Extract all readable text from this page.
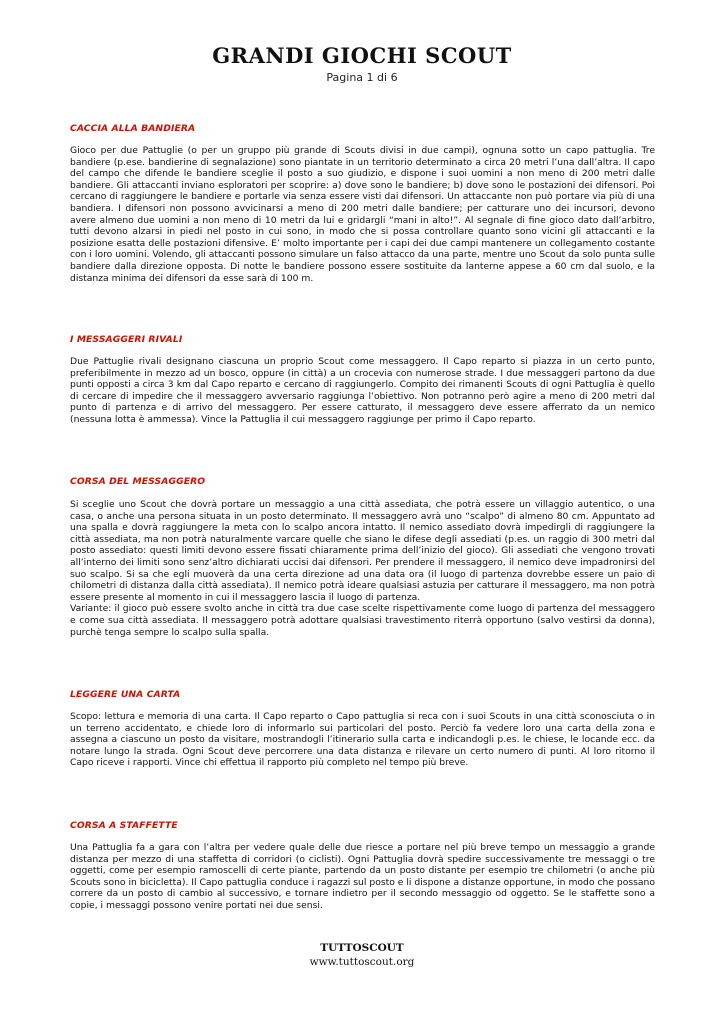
GRANDI GIOCHI SCOUT
Pagina 1 di 6
CACCIA ALLA BANDIERA

Gioco per due Pattuglie (o per un gruppo più grande di Scouts divisi in due campi), ognuna sotto un capo pattuglia. Tre bandiere (p.ese. bandierine di segnalazione) sono piantate in un territorio determinato a circa 20 metri l’una dall’altra. Il capo del campo che difende le bandiere sceglie il posto a suo giudizio, e dispone i suoi uomini a non meno di 200 metri dalle bandiere. Gli attaccanti inviano esploratori per scoprire: a) dove sono le bandiere; b) dove sono le postazioni dei difensori. Poi cercano di raggiungere le bandiere e portarle via senza essere visti dai difensori. Un attaccante non può portare via più di una bandiera. I difensori non possono avvicinarsi a meno di 200 metri dalle bandiere; per catturare uno dei incursori, devono avere almeno due uomini a non meno di 10 metri da lui e gridargli “mani in alto!”. Al segnale di fine gioco dato dall’arbitro, tutti devono alzarsi in piedi nel posto in cui sono, in modo che si possa controllare quanto sono vicini gli attaccanti e la posizione esatta delle postazioni difensive. E’ molto importante per i capi dei due campi mantenere un collegamento costante con i loro uomini. Volendo, gli attaccanti possono simulare un falso attacco da una parte, mentre uno Scout da solo punta sulle bandiere dalla direzione opposta. Di notte le bandiere possono essere sostituite da lanterne appese a 60 cm dal suolo, e la distanza minima dei difensori da esse sarà di 100 m.

I MESSAGGERI RIVALI

Due Pattuglie rivali designano ciascuna un proprio Scout come messaggero. Il Capo reparto si piazza in un certo punto, preferibilmente in mezzo ad un bosco, oppure (in città) a un crocevia con numerose strade. I due messaggeri partono da due punti opposti a circa 3 km dal Capo reparto e cercano di raggiungerlo. Compito dei rimanenti Scouts di ogni Pattuglia è quello di cercare di impedire che il messaggero avversario raggiunga l’obiettivo. Non potranno però agire a meno di 200 metri dal punto di partenza e di arrivo del messaggero. Per essere catturato, il messaggero deve essere afferrato da un nemico (nessuna lotta è ammessa). Vince la Pattuglia il cui messaggero raggiunge per primo il Capo reparto.

CORSA DEL MESSAGGERO

Si sceglie uno Scout che dovrà portare un messaggio a una città assediata, che potrà essere un villaggio autentico, o una casa, o anche una persona situata in un posto determinato. Il messaggero avrà uno “scalpo” di almeno 80 cm. Appuntato ad una spalla e dovrà raggiungere la meta con lo scalpo ancora intatto. Il nemico assediato dovrà impedirgli di raggiungere la città assediata, ma non potrà naturalmente varcare quelle che siano le difese degli assediati (p.es. un raggio di 300 metri dal posto assediato: questi limiti devono essere fissati chiaramente prima dell’inizio del gioco). Gli assediati che vengono trovati all’interno dei limiti sono senz’altro dichiarati uccisi dai difensori. Per prendere il messaggero, il nemico deve impadronirsi del suo scalpo. Si sa che egli muoverà da una certa direzione ad una data ora (il luogo di partenza dovrebbe essere un paio di chilometri di distanza dalla città assediata). Il nemico potrà ideare qualsiasi astuzia per catturare il messaggero, ma non potrà essere presente al momento in cui il messaggero lascia il luogo di partenza.

Variante: il gioco può essere svolto anche in città tra due case scelte rispettivamente come luogo di partenza del messaggero e come sua città assediata. Il messaggero potrà adottare qualsiasi travestimento riterrà opportuno (salvo vestirsi da donna), purchè tenga sempre lo scalpo sulla spalla.

LEGGERE UNA CARTA

Scopo: lettura e memoria di una carta. Il Capo reparto o Capo pattuglia si reca con i suoi Scouts in una città sconosciuta o in un terreno accidentato, e chiede loro di informarlo sui particolari del posto. Perciò fa vedere loro una carta della zona e assegna a ciascuno un posto da visitare, mostrandogli l’itinerario sulla carta e indicandogli p.es. le chiese, le locande ecc. da notare lungo la strada. Ogni Scout deve percorrere una data distanza e rilevare un certo numero di punti. Al loro ritorno il Capo riceve i rapporti. Vince chi effettua il rapporto più completo nel tempo più breve.

CORSA A STAFFETTE

Una Pattuglia fa a gara con l’altra per vedere quale delle due riesce a portare nel più breve tempo un messaggio a grande distanza per mezzo di una staffetta di corridori (o ciclisti). Ogni Pattuglia dovrà spedire successivamente tre messaggi o tre oggetti, come per esempio ramoscelli di certe piante, partendo da un posto distante per esempio tre chilometri (o anche più Scouts sono in bicicletta). Il Capo pattuglia conduce i ragazzi sul posto e li dispone a distanze opportune, in modo che possano correre da un posto di cambio al successivo, e tornare indietro per il secondo messaggio od oggetto. Se le staffette sono a copie, i messaggi possono venire portati nei due sensi.

TUTTOSCOUT
www.tuttoscout.org
